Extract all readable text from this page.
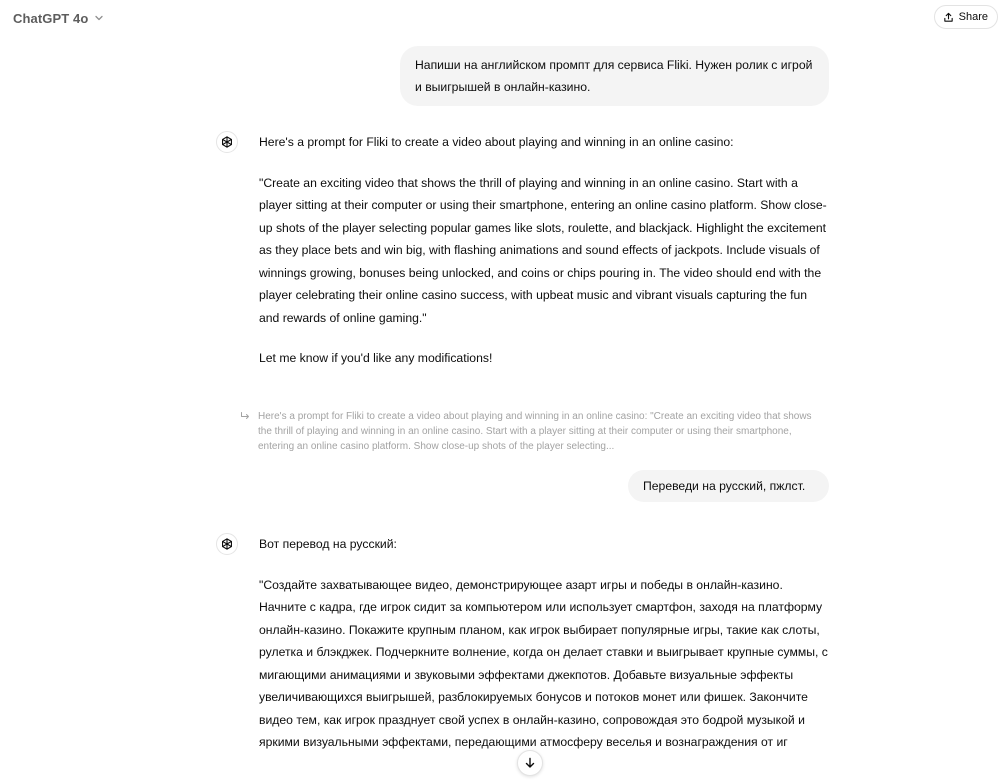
ChatGPT 4o	Share
Напиши на английском промпт для сервиса Fliki. Нужен ролик с игрой и выигрышей в онлайн-казино.

Here's a prompt for Fliki to create a video about playing and winning in an online casino:

"Create an exciting video that shows the thrill of playing and winning in an online casino. Start with a player sitting at their computer or using their smartphone, entering an online casino platform. Show close-up shots of the player selecting popular games like slots, roulette, and blackjack. Highlight the excitement as they place bets and win big, with flashing animations and sound effects of jackpots. Include visuals of winnings growing, bonuses being unlocked, and coins or chips pouring in. The video should end with the player celebrating their online casino success, with upbeat music and vibrant visuals capturing the fun and rewards of online gaming."

Let me know if you'd like any modifications!

Here's a prompt for Fliki to create a video about playing and winning in an online casino: "Create an exciting video that shows the thrill of playing and winning in an online casino. Start with a player sitting at their computer or using their smartphone, entering an online casino platform. Show close-up shots of the player selecting...
Переведи на русский, пжлст.

Вот перевод на русский:

"Создайте захватывающее видео, демонстрирующее азарт игры и победы в онлайн-казино. Начните с кадра, где игрок сидит за компьютером или использует смартфон, заходя на платформу онлайн-казино. Покажите крупным планом, как игрок выбирает популярные игры, такие как слоты, рулетка и блэкджек. Подчеркните волнение, когда он делает ставки и выигрывает крупные суммы, с мигающими анимациями и звуковыми эффектами джекпотов. Добавьте визуальные эффекты увеличивающихся выигрышей, разблокируемых бонусов и потоков монет или фишек. Закончите видео тем, как игрок празднует свой успех в онлайн-казино, сопровождая это бодрой музыкой и яркими визуальными эффектами, передающими атмосферу веселья и вознаграждения от иг
